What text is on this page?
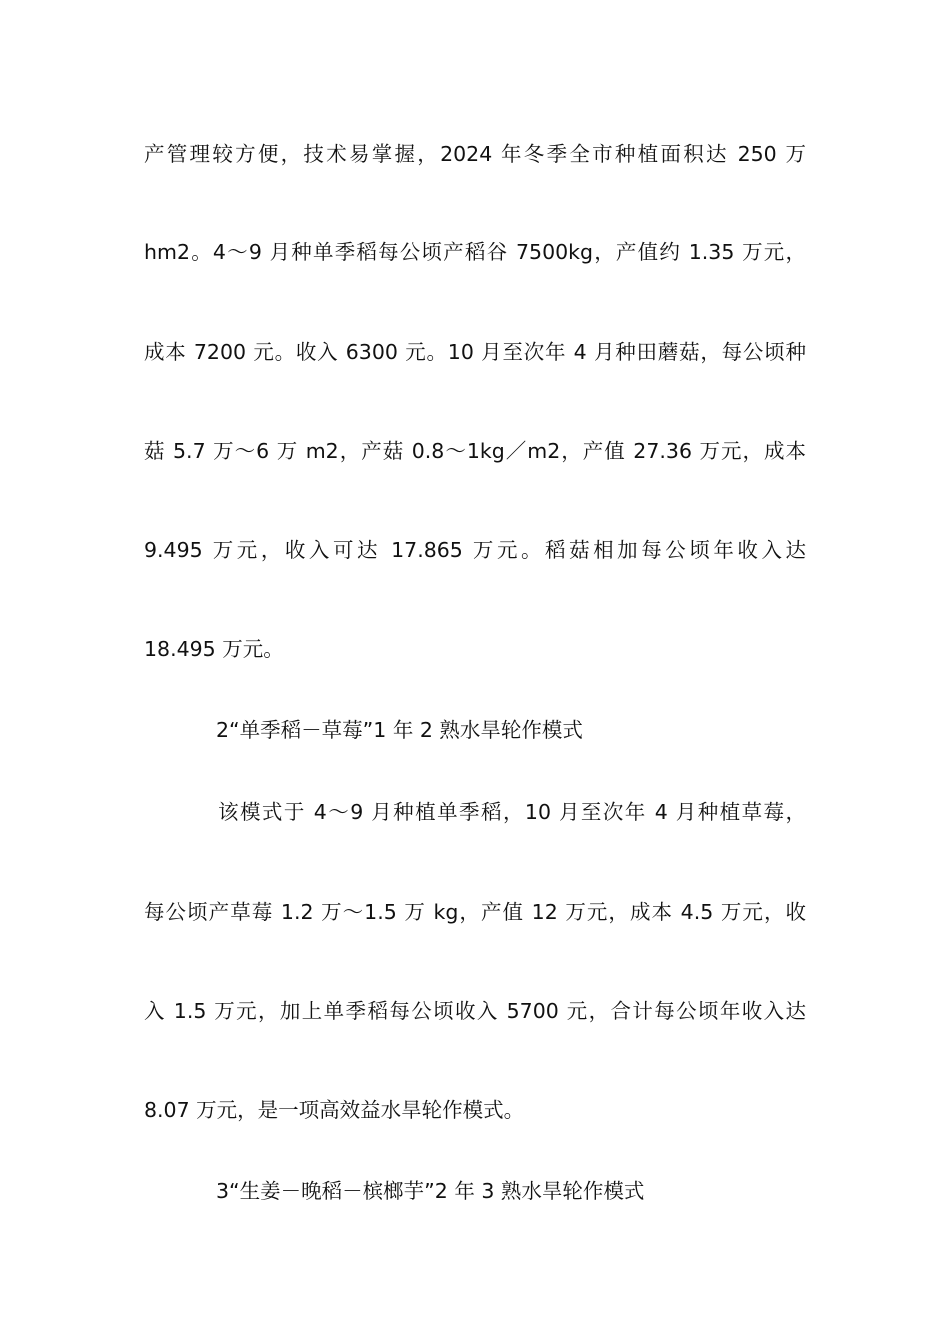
产管理较方便，技术易掌握，2024 年冬季全市种植面积达 250 万
hm2。4～9 月种单季稻每公顷产稻谷 7500kg，产值约 1.35 万元，
成本 7200 元。收入 6300 元。10 月至次年 4 月种田蘑菇，每公顷种
菇 5.7 万～6 万 m2，产菇 0.8～1kg／m2，产值 27.36 万元，成本
9.495 万元，收入可达 17.865 万元。稻菇相加每公顷年收入达
18.495 万元。
2“单季稻－草莓”1 年 2 熟水旱轮作模式
该模式于 4～9 月种植单季稻，10 月至次年 4 月种植草莓，
每公顷产草莓 1.2 万～1.5 万 kg，产值 12 万元，成本 4.5 万元，收
入 1.5 万元，加上单季稻每公顷收入 5700 元，合计每公顷年收入达
8.07 万元，是一项高效益水旱轮作模式。
3“生姜－晚稻－槟榔芋”2 年 3 熟水旱轮作模式
